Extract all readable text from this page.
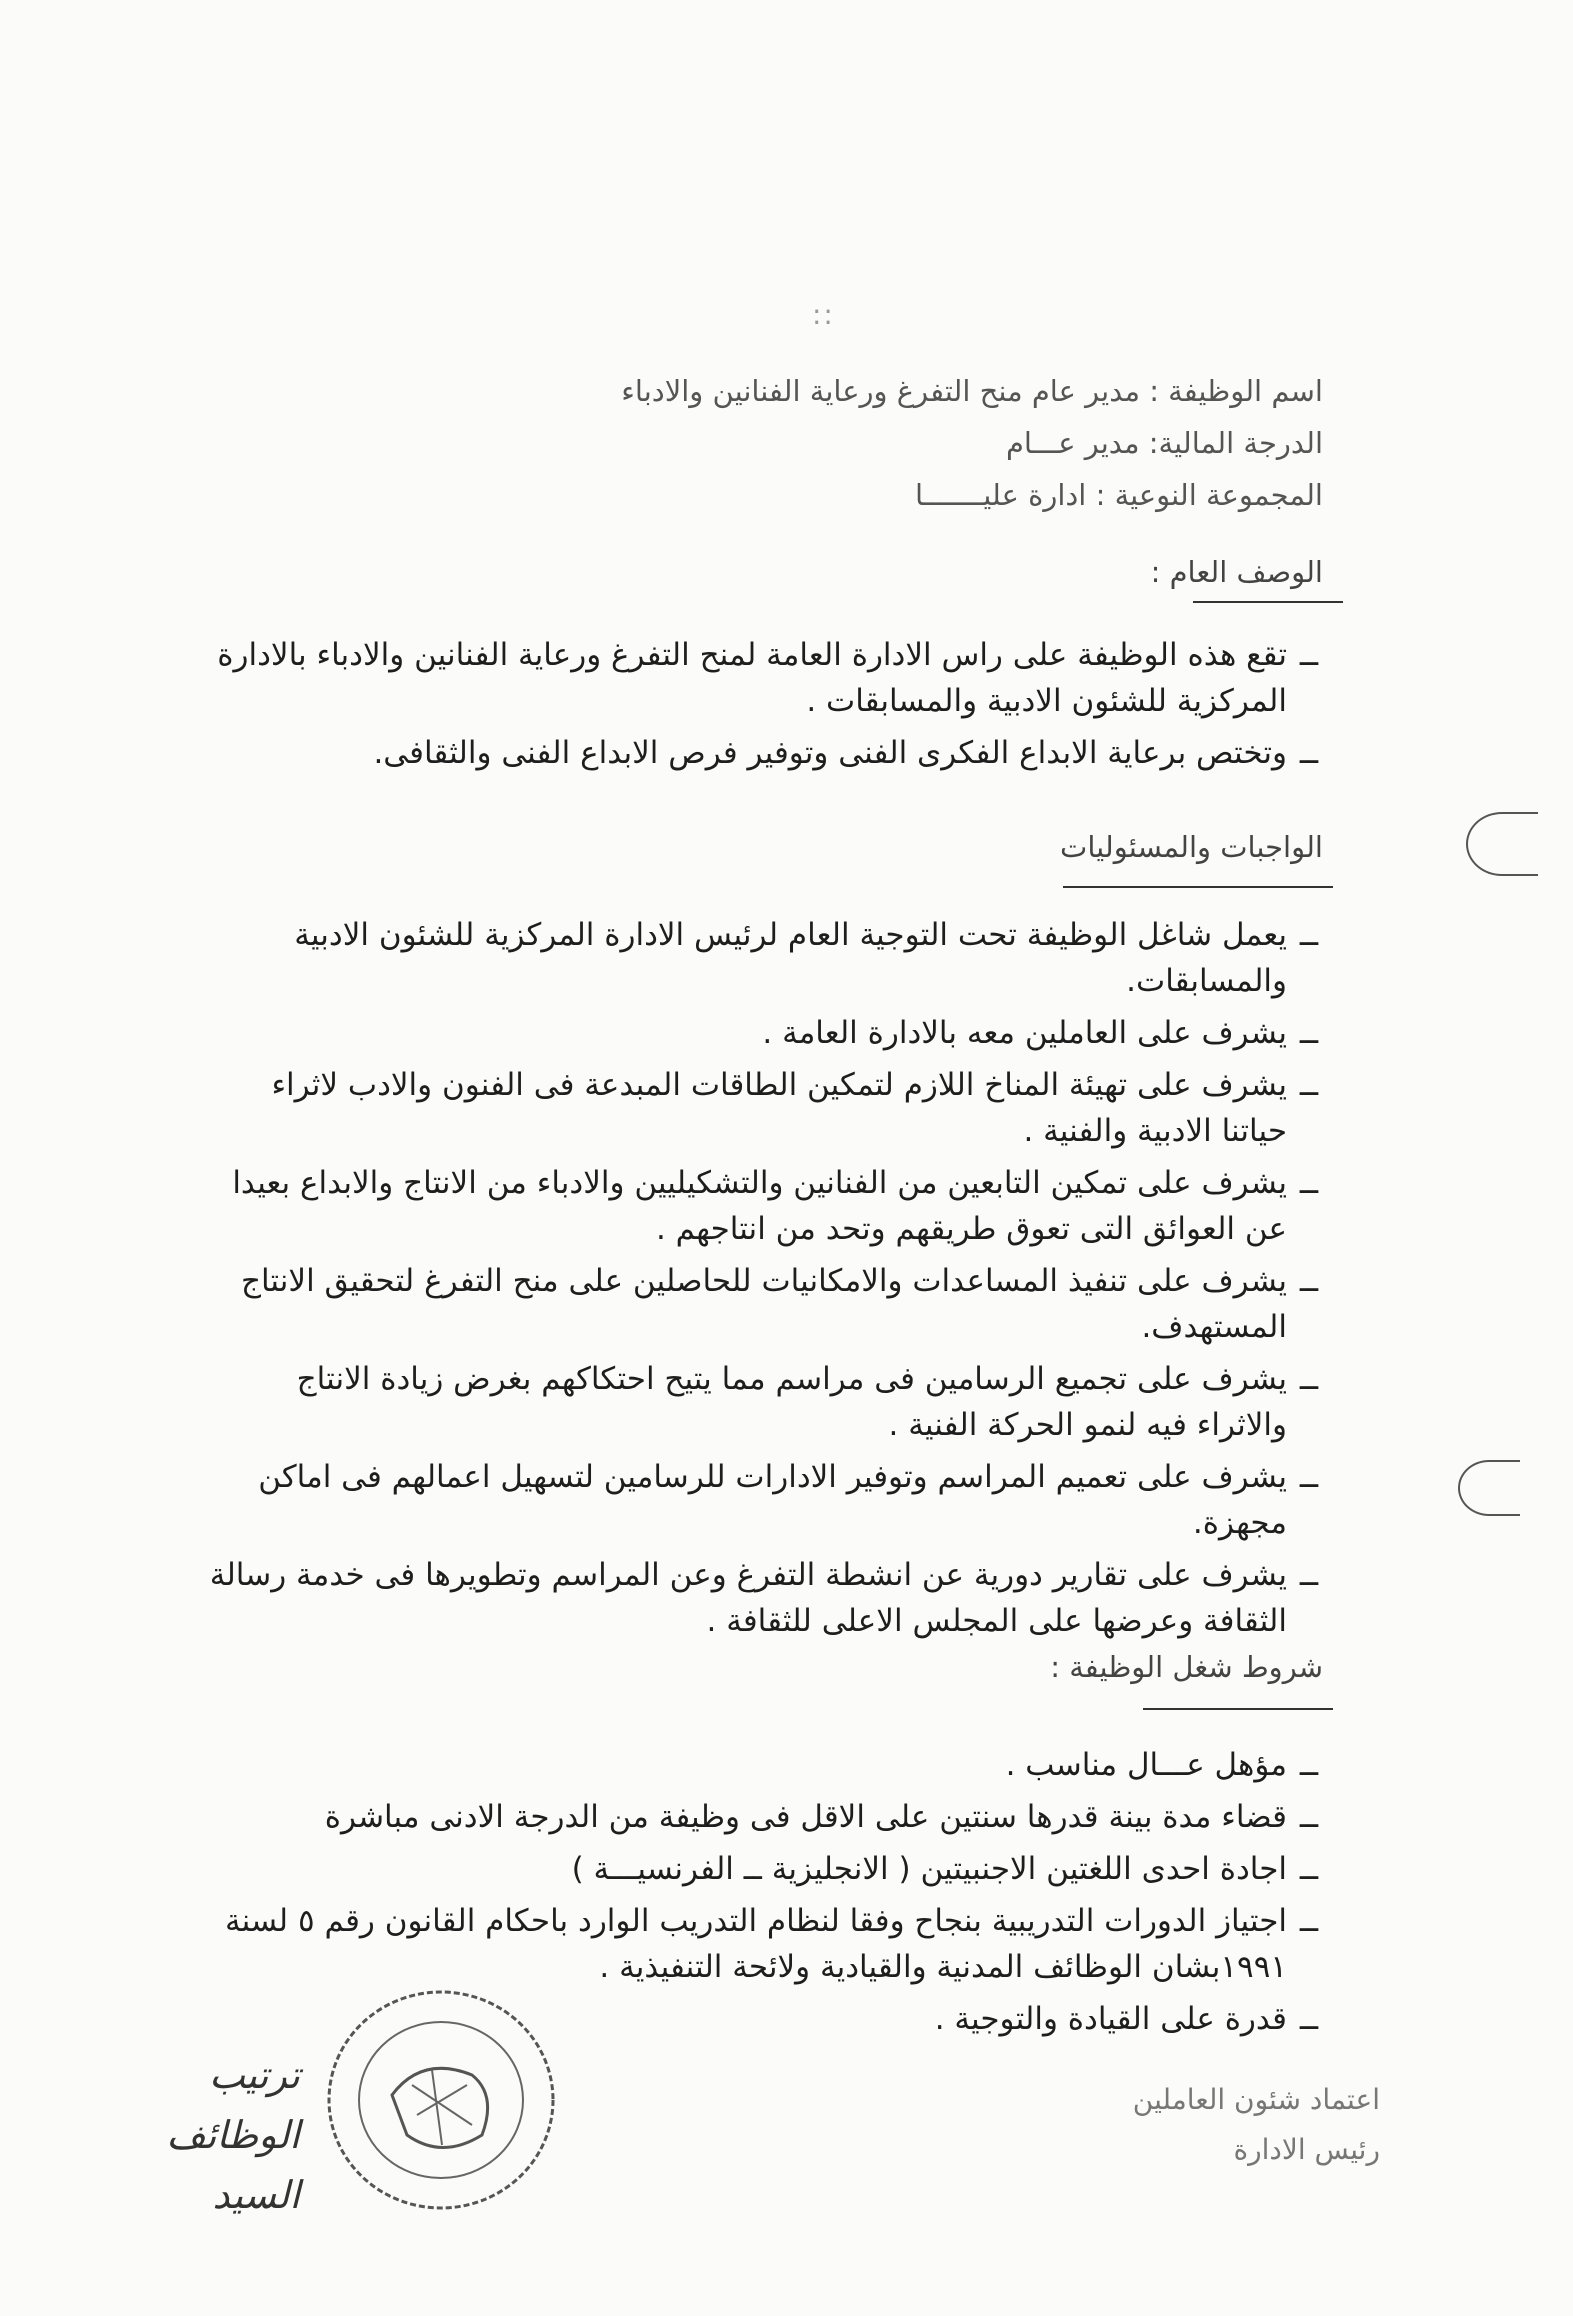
::
اسم الوظيفة : مدير عام منح التفرغ ورعاية الفنانين والادباء
الدرجة المالية: مدير عـــام
المجموعة النوعية : ادارة عليـــــــا
الوصف العام :
ــ
تقع هذه الوظيفة على راس الادارة العامة لمنح التفرغ ورعاية الفنانين والادباء بالادارة المركزية للشئون الادبية والمسابقات .
ــ
وتختص برعاية الابداع الفكرى الفنى وتوفير فرص الابداع الفنى والثقافى.
الواجبات والمسئوليات
ــ
يعمل شاغل الوظيفة تحت التوجية العام لرئيس الادارة المركزية للشئون الادبية والمسابقات.
ــ
يشرف على العاملين معه بالادارة العامة .
ــ
يشرف على تهيئة المناخ اللازم لتمكين الطاقات المبدعة فى الفنون والادب لاثراء حياتنا الادبية والفنية .
ــ
يشرف على تمكين التابعين من الفنانين والتشكيليين والادباء من الانتاج والابداع بعيدا عن العوائق التى تعوق طريقهم وتحد من انتاجهم .
ــ
يشرف على تنفيذ المساعدات والامكانيات للحاصلين على منح التفرغ لتحقيق الانتاج المستهدف.
ــ
يشرف على تجميع الرسامين فى مراسم مما يتيح احتكاكهم بغرض زيادة الانتاج والاثراء فيه لنمو الحركة الفنية .
ــ
يشرف على تعميم المراسم وتوفير الادارات للرسامين لتسهيل اعمالهم فى اماكن مجهزة.
ــ
يشرف على تقارير دورية عن انشطة التفرغ وعن المراسم وتطويرها فى خدمة رسالة الثقافة وعرضها على المجلس الاعلى للثقافة .
شروط شغل الوظيفة :
ــ
مؤهل عـــال مناسب .
ــ
قضاء مدة بينة قدرها سنتين على الاقل فى وظيفة من الدرجة الادنى مباشرة
ــ
اجادة احدى اللغتين الاجنبيتين ( الانجليزية ــ الفرنسيـــة )
ــ
اجتياز الدورات التدريبية بنجاح وفقا لنظام التدريب الوارد باحكام القانون رقم ٥ لسنة ١٩٩١بشان الوظائف المدنية والقيادية ولائحة التنفيذية .
ــ
قدرة على القيادة والتوجية .
ترتيب الوظائف
السيد
اعتماد شئون العاملين
رئيس الادارة
